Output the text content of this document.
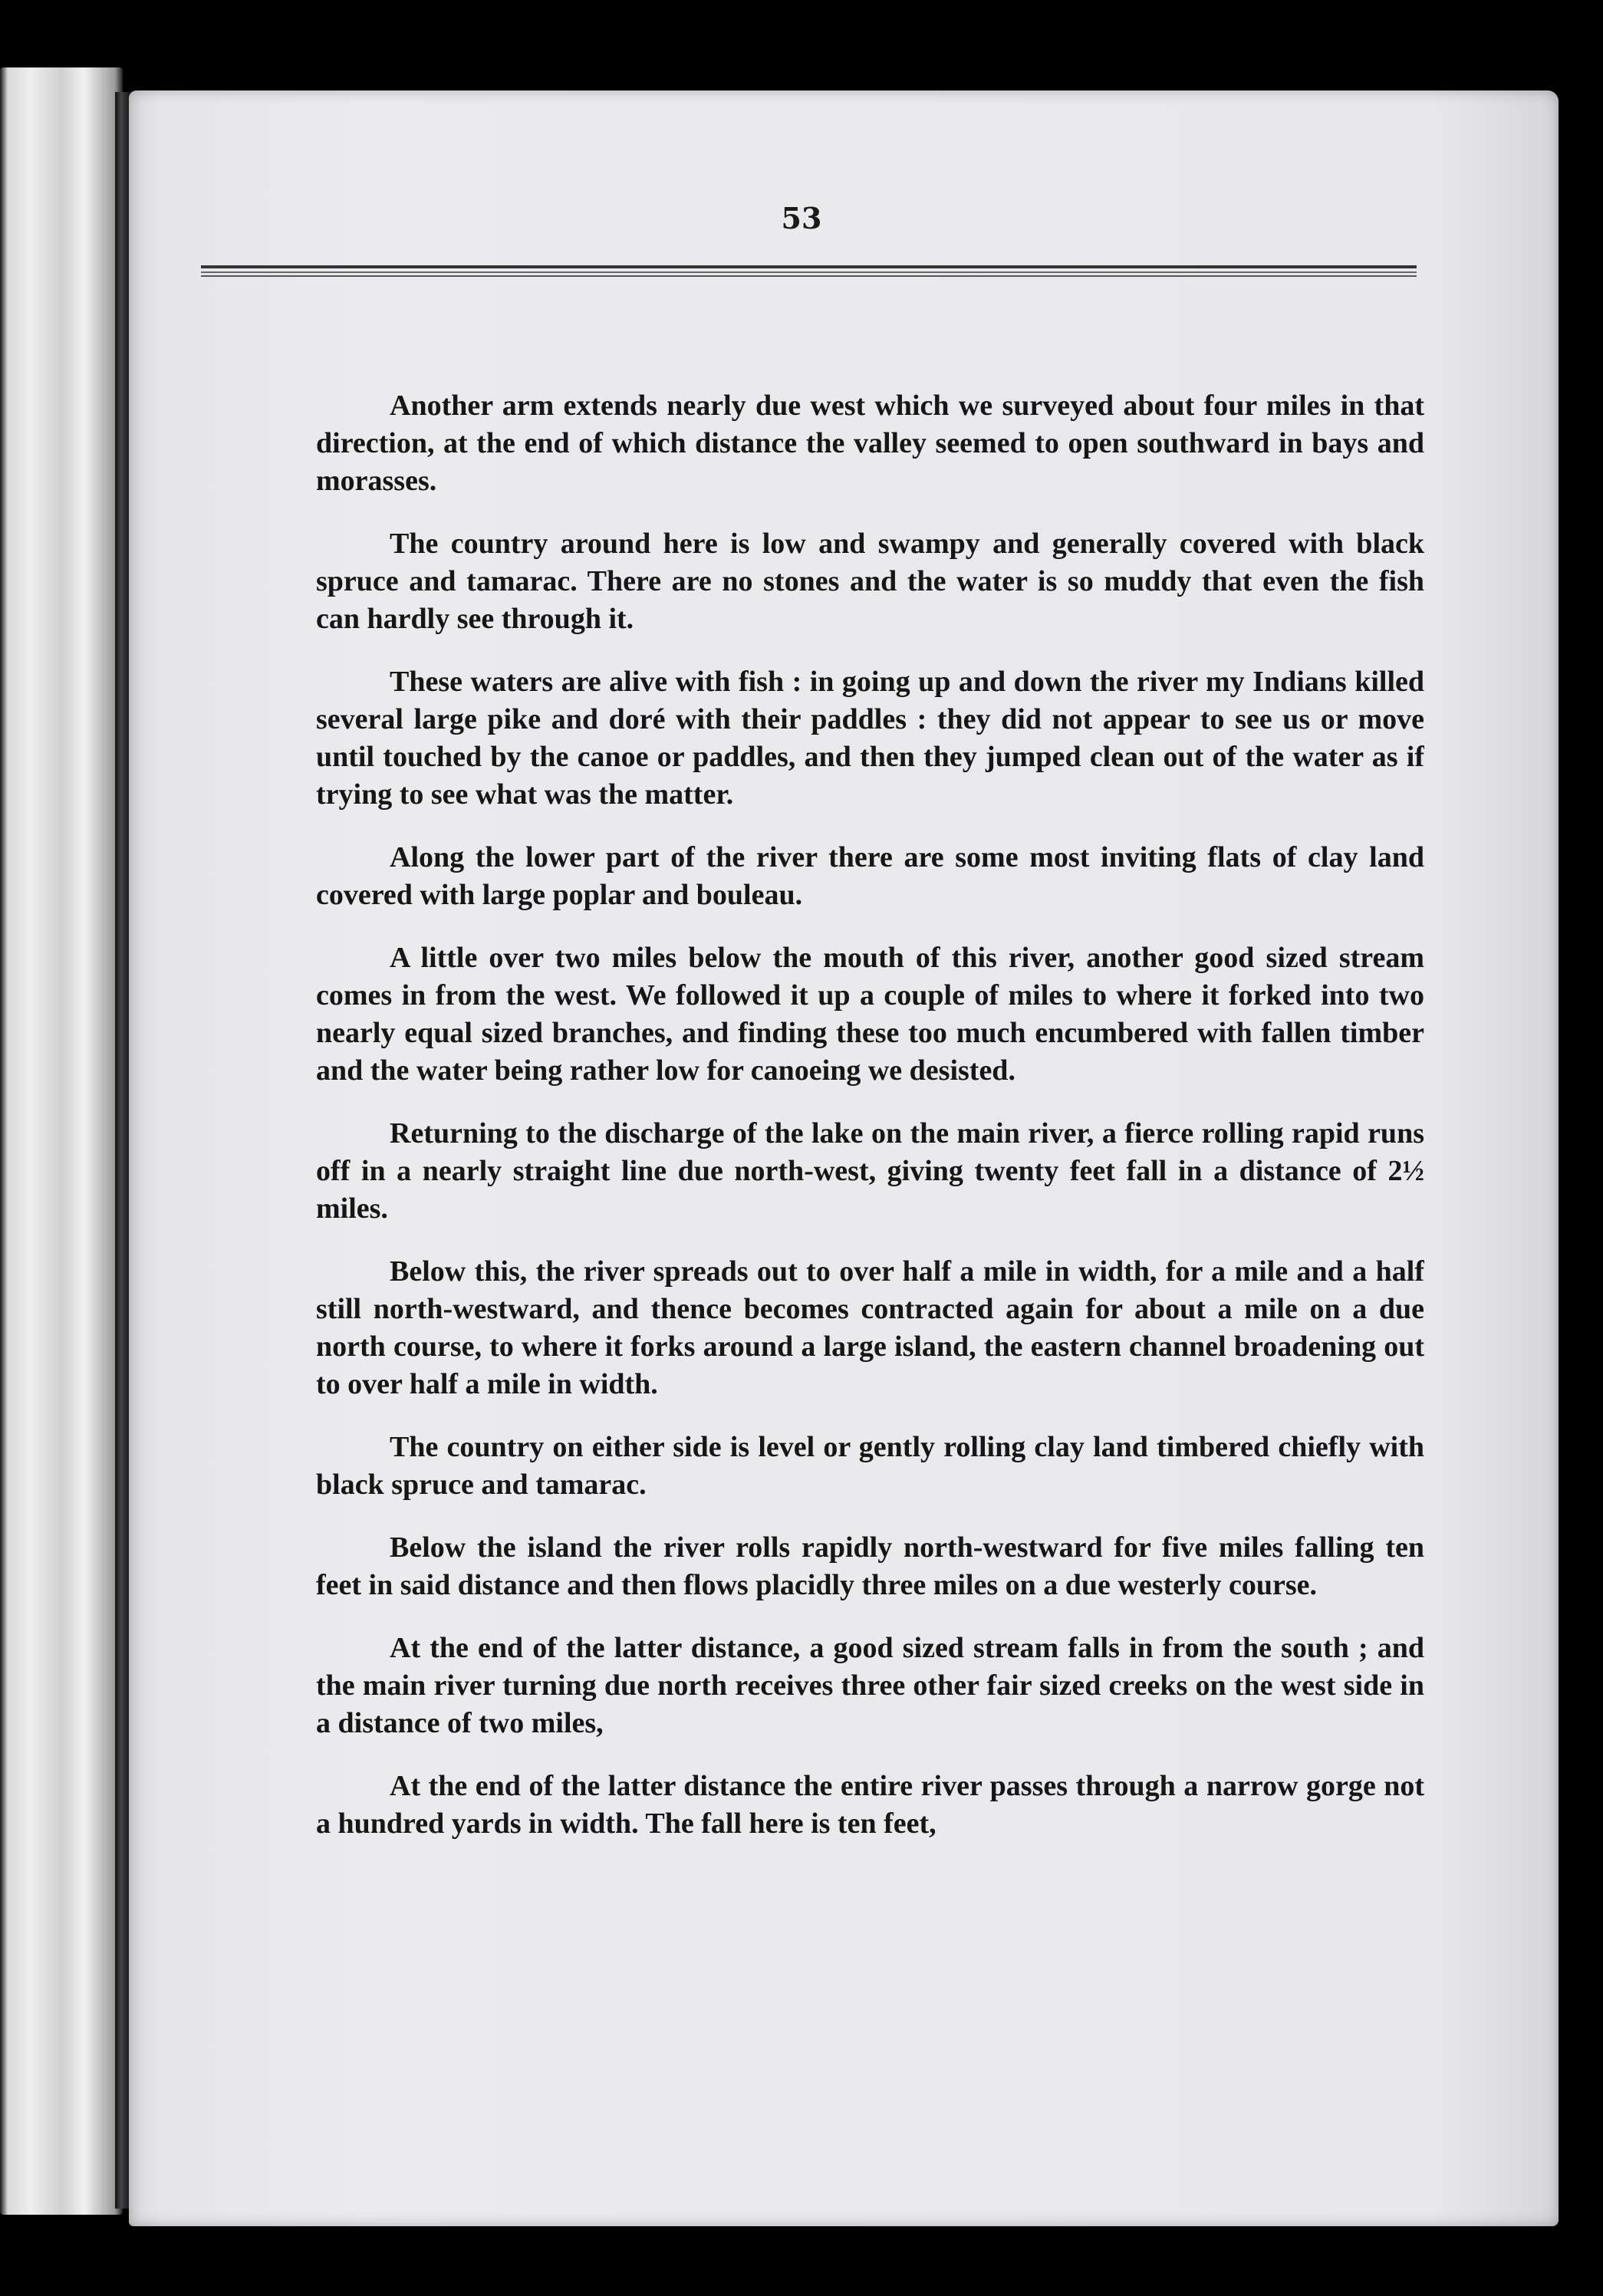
53

Another arm extends nearly due west which we surveyed about four miles in that direction, at the end of which distance the valley seemed to open southward in bays and morasses.

The country around here is low and swampy and generally covered with black spruce and tamarac. There are no stones and the water is so muddy that even the fish can hardly see through it.

These waters are alive with fish : in going up and down the river my Indians killed several large pike and doré with their paddles : they did not appear to see us or move until touched by the canoe or paddles, and then they jumped clean out of the water as if trying to see what was the matter.

Along the lower part of the river there are some most inviting flats of clay land covered with large poplar and bouleau.

A little over two miles below the mouth of this river, another good sized stream comes in from the west. We followed it up a couple of miles to where it forked into two nearly equal sized branches, and finding these too much encumbered with fallen timber and the water being rather low for canoeing we desisted.

Returning to the discharge of the lake on the main river, a fierce rolling rapid runs off in a nearly straight line due north-west, giving twenty feet fall in a distance of 2½ miles.

Below this, the river spreads out to over half a mile in width, for a mile and a half still north-westward, and thence becomes contracted again for about a mile on a due north course, to where it forks around a large island, the eastern channel broadening out to over half a mile in width.

The country on either side is level or gently rolling clay land timbered chiefly with black spruce and tamarac.

Below the island the river rolls rapidly north-westward for five miles falling ten feet in said distance and then flows placidly three miles on a due westerly course.

At the end of the latter distance, a good sized stream falls in from the south ; and the main river turning due north receives three other fair sized creeks on the west side in a distance of two miles,

At the end of the latter distance the entire river passes through a narrow gorge not a hundred yards in width. The fall here is ten feet,
